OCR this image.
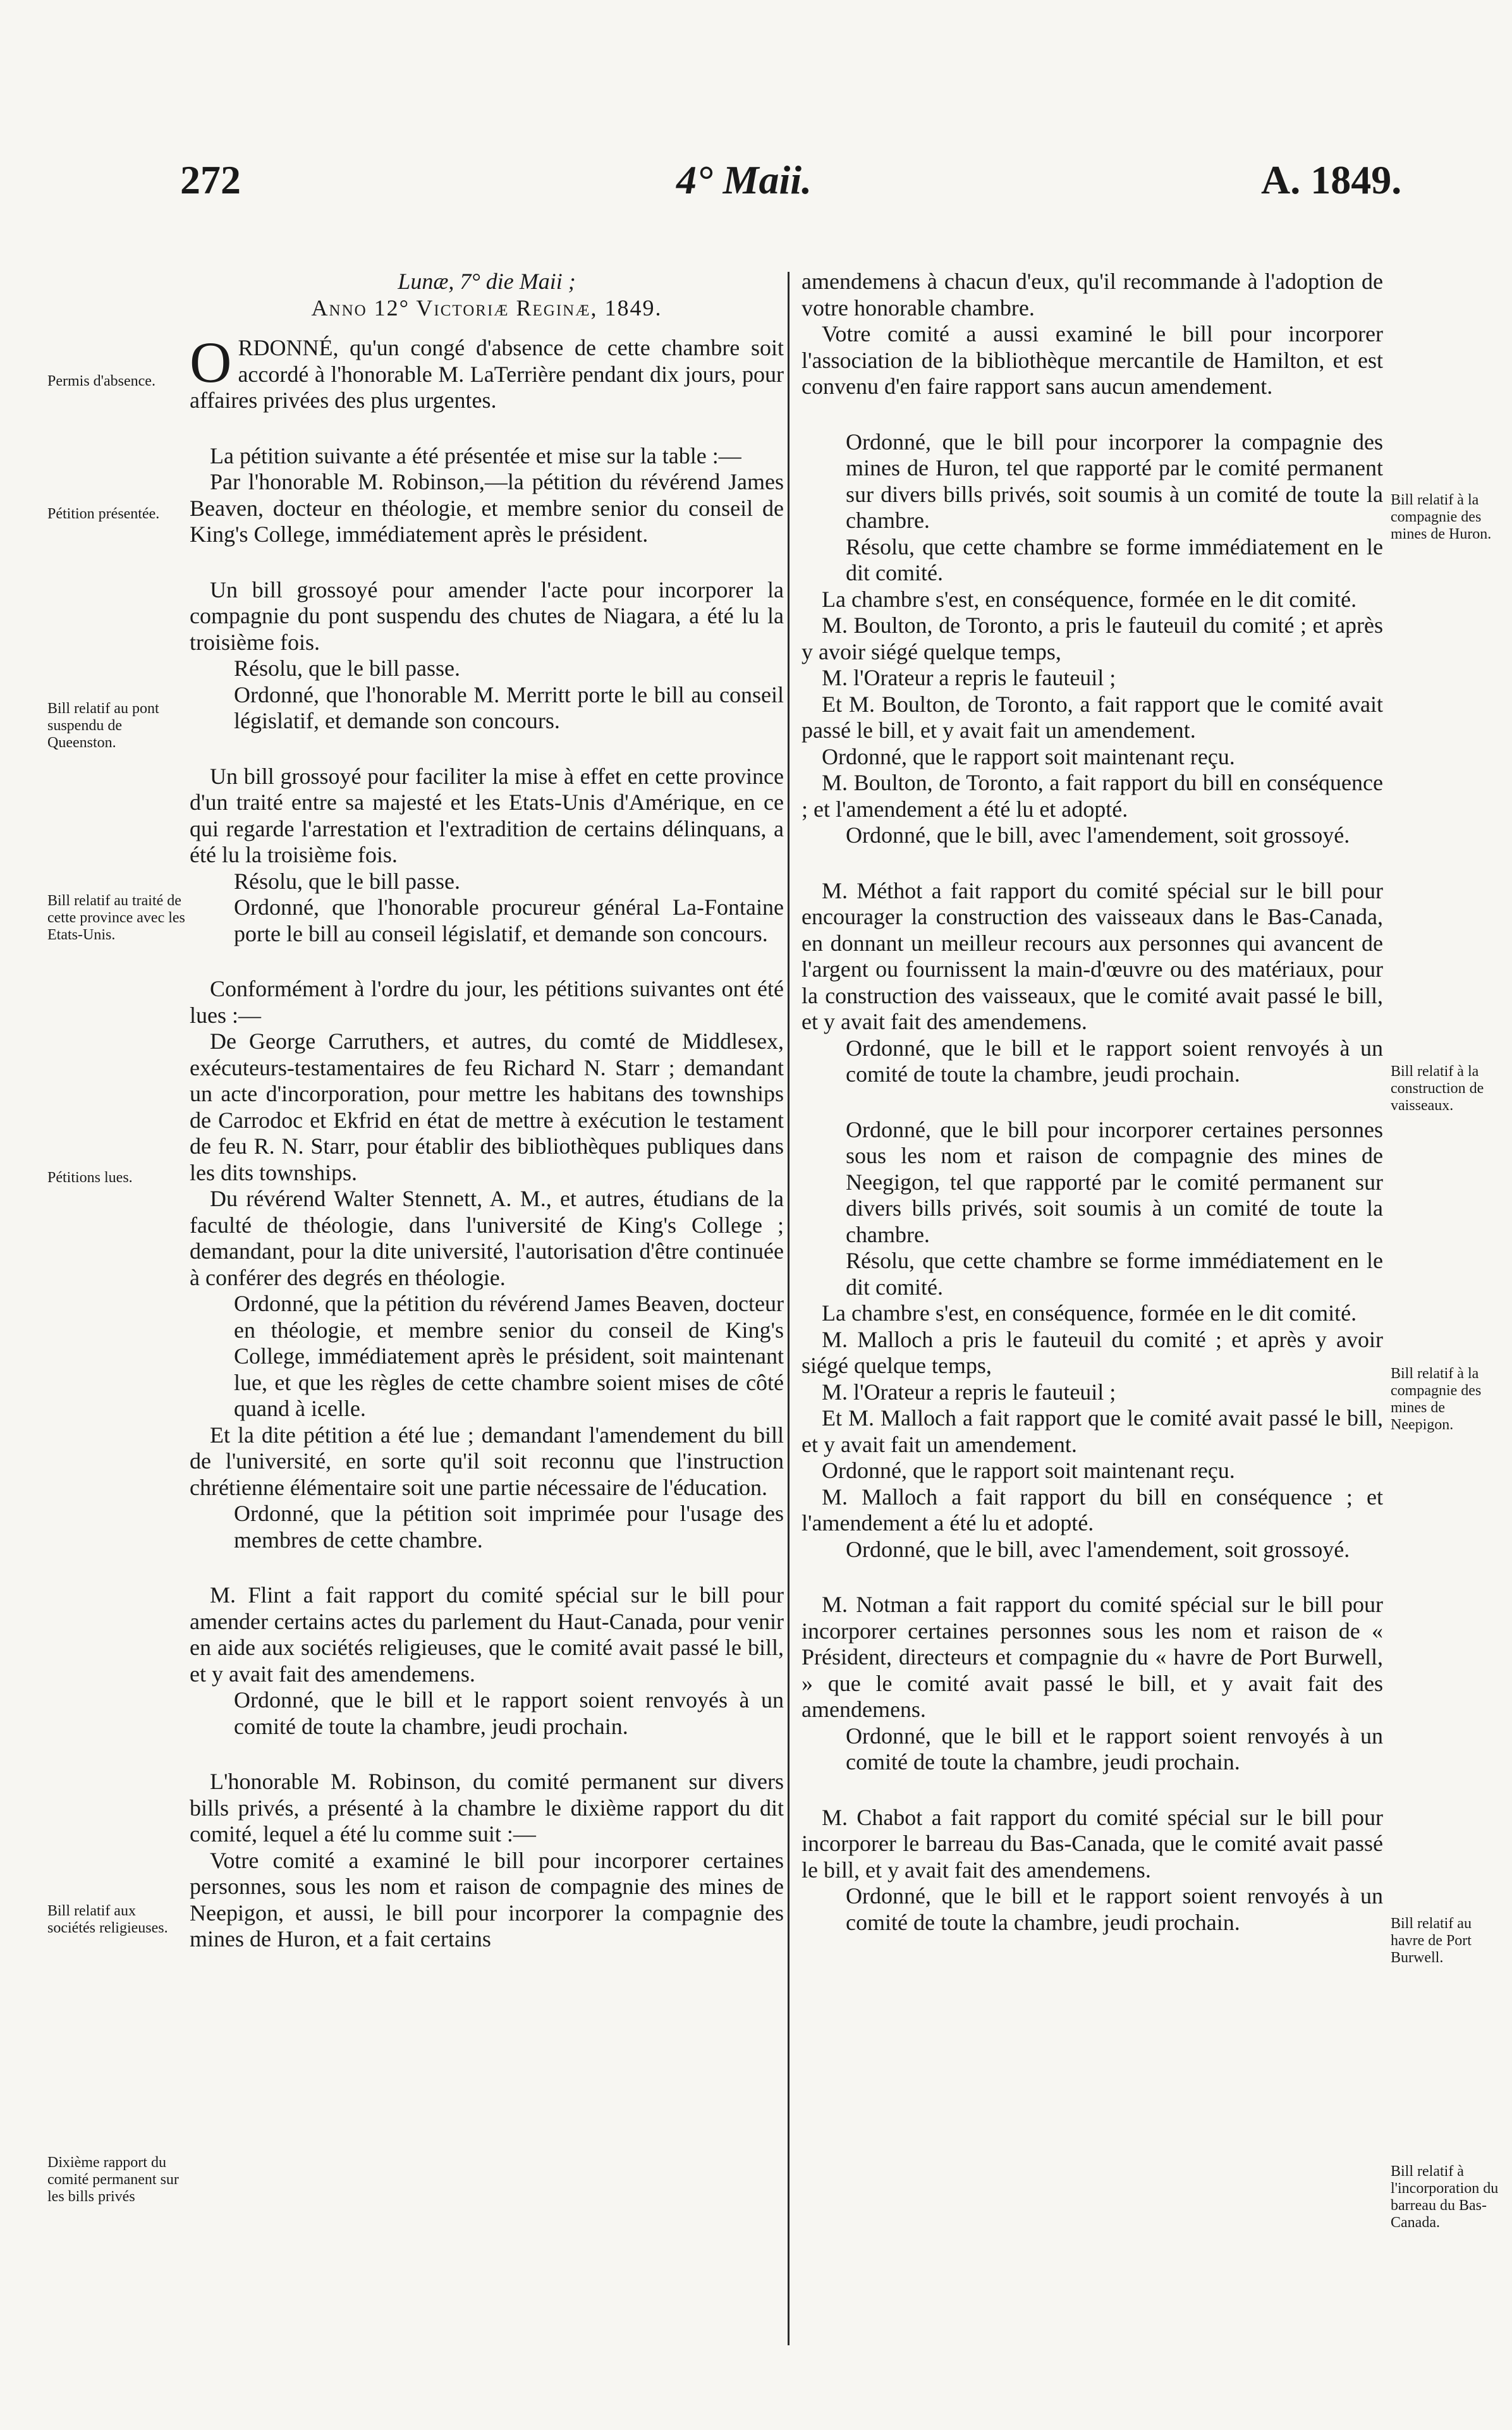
272	4° Maii.	A. 1849.
Permis d'absence.
Pétition présentée.
Bill relatif au pont suspendu de Queenston.
Bill relatif au traité de cette province avec les Etats-Unis.
Pétitions lues.
Bill relatif aux sociétés religieuses.
Dixième rapport du comité permanent sur les bills privés
Bill relatif à la compagnie des mines de Huron.
Bill relatif à la construction de vaisseaux.
Bill relatif à la compagnie des mines de Neepigon.
Bill relatif au havre de Port Burwell.
Bill relatif à l'incorporation du barreau du Bas-Canada.

Lunæ, 7° die Maii ;

Anno 12° Victoriæ Reginæ, 1849.

ORDONNÉ, qu'un congé d'absence de cette chambre soit accordé à l'honorable M. LaTerrière pendant dix jours, pour affaires privées des plus urgentes.

La pétition suivante a été présentée et mise sur la table :—

Par l'honorable M. Robinson,—la pétition du révérend James Beaven, docteur en théologie, et membre senior du conseil de King's College, immédiatement après le président.

Un bill grossoyé pour amender l'acte pour incorporer la compagnie du pont suspendu des chutes de Niagara, a été lu la troisième fois.

Résolu, que le bill passe.

Ordonné, que l'honorable M. Merritt porte le bill au conseil législatif, et demande son concours.

Un bill grossoyé pour faciliter la mise à effet en cette province d'un traité entre sa majesté et les Etats-Unis d'Amérique, en ce qui regarde l'arrestation et l'extradition de certains délinquans, a été lu la troisième fois.

Résolu, que le bill passe.

Ordonné, que l'honorable procureur général La-Fontaine porte le bill au conseil législatif, et demande son concours.

Conformément à l'ordre du jour, les pétitions suivantes ont été lues :—

De George Carruthers, et autres, du comté de Middlesex, exécuteurs-testamentaires de feu Richard N. Starr ; demandant un acte d'incorporation, pour mettre les habitans des townships de Carrodoc et Ekfrid en état de mettre à exécution le testament de feu R. N. Starr, pour établir des bibliothèques publiques dans les dits townships.

Du révérend Walter Stennett, A. M., et autres, étudians de la faculté de théologie, dans l'université de King's College ; demandant, pour la dite université, l'autorisation d'être continuée à conférer des degrés en théologie.

Ordonné, que la pétition du révérend James Beaven, docteur en théologie, et membre senior du conseil de King's College, immédiatement après le président, soit maintenant lue, et que les règles de cette chambre soient mises de côté quand à icelle.

Et la dite pétition a été lue ; demandant l'amendement du bill de l'université, en sorte qu'il soit reconnu que l'instruction chrétienne élémentaire soit une partie nécessaire de l'éducation.

Ordonné, que la pétition soit imprimée pour l'usage des membres de cette chambre.

M. Flint a fait rapport du comité spécial sur le bill pour amender certains actes du parlement du Haut-Canada, pour venir en aide aux sociétés religieuses, que le comité avait passé le bill, et y avait fait des amendemens.

Ordonné, que le bill et le rapport soient renvoyés à un comité de toute la chambre, jeudi prochain.

L'honorable M. Robinson, du comité permanent sur divers bills privés, a présenté à la chambre le dixième rapport du dit comité, lequel a été lu comme suit :—

Votre comité a examiné le bill pour incorporer certaines personnes, sous les nom et raison de compagnie des mines de Neepigon, et aussi, le bill pour incorporer la compagnie des mines de Huron, et a fait certains

amendemens à chacun d'eux, qu'il recommande à l'adoption de votre honorable chambre.

Votre comité a aussi examiné le bill pour incorporer l'association de la bibliothèque mercantile de Hamilton, et est convenu d'en faire rapport sans aucun amendement.

Ordonné, que le bill pour incorporer la compagnie des mines de Huron, tel que rapporté par le comité permanent sur divers bills privés, soit soumis à un comité de toute la chambre.

Résolu, que cette chambre se forme immédiatement en le dit comité.

La chambre s'est, en conséquence, formée en le dit comité.

M. Boulton, de Toronto, a pris le fauteuil du comité ; et après y avoir siégé quelque temps,

M. l'Orateur a repris le fauteuil ;

Et M. Boulton, de Toronto, a fait rapport que le comité avait passé le bill, et y avait fait un amendement.

Ordonné, que le rapport soit maintenant reçu.

M. Boulton, de Toronto, a fait rapport du bill en conséquence ; et l'amendement a été lu et adopté.

Ordonné, que le bill, avec l'amendement, soit grossoyé.

M. Méthot a fait rapport du comité spécial sur le bill pour encourager la construction des vaisseaux dans le Bas-Canada, en donnant un meilleur recours aux personnes qui avancent de l'argent ou fournissent la main-d'œuvre ou des matériaux, pour la construction des vaisseaux, que le comité avait passé le bill, et y avait fait des amendemens.

Ordonné, que le bill et le rapport soient renvoyés à un comité de toute la chambre, jeudi prochain.

Ordonné, que le bill pour incorporer certaines personnes sous les nom et raison de compagnie des mines de Neegigon, tel que rapporté par le comité permanent sur divers bills privés, soit soumis à un comité de toute la chambre.

Résolu, que cette chambre se forme immédiatement en le dit comité.

La chambre s'est, en conséquence, formée en le dit comité.

M. Malloch a pris le fauteuil du comité ; et après y avoir siégé quelque temps,

M. l'Orateur a repris le fauteuil ;

Et M. Malloch a fait rapport que le comité avait passé le bill, et y avait fait un amendement.

Ordonné, que le rapport soit maintenant reçu.

M. Malloch a fait rapport du bill en conséquence ; et l'amendement a été lu et adopté.

Ordonné, que le bill, avec l'amendement, soit grossoyé.

M. Notman a fait rapport du comité spécial sur le bill pour incorporer certaines personnes sous les nom et raison de « Président, directeurs et compagnie du « havre de Port Burwell, » que le comité avait passé le bill, et y avait fait des amendemens.

Ordonné, que le bill et le rapport soient renvoyés à un comité de toute la chambre, jeudi prochain.

M. Chabot a fait rapport du comité spécial sur le bill pour incorporer le barreau du Bas-Canada, que le comité avait passé le bill, et y avait fait des amendemens.

Ordonné, que le bill et le rapport soient renvoyés à un comité de toute la chambre, jeudi prochain.
